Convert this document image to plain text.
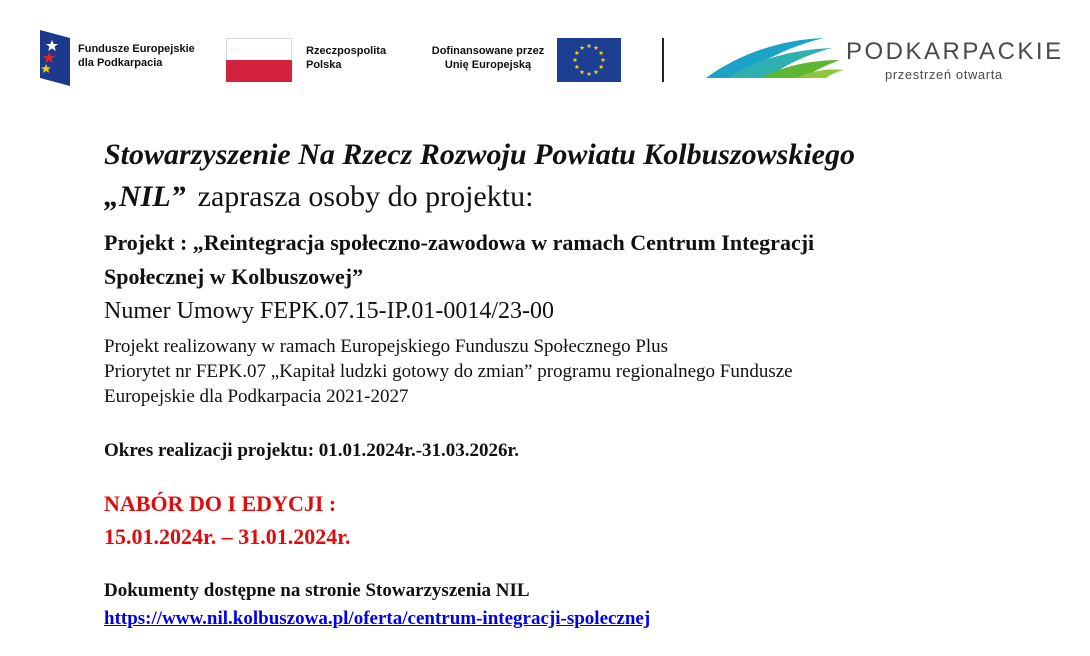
Fundusze Europejskie
dla Podkarpacia
Rzeczpospolita
Polska
Dofinansowane przez
Unię Europejską	PODKARPACKIE
przestrzeń otwarta
Stowarzyszenie Na Rzecz Rozwoju Powiatu Kolbuszowskiego
„NIL” zaprasza osoby do projektu:
Projekt : „Reintegracja społeczno-zawodowa w ramach Centrum Integracji
Społecznej w Kolbuszowej”
Numer Umowy FEPK.07.15-IP.01-0014/23-00
Projekt realizowany w ramach Europejskiego Funduszu Społecznego Plus
Priorytet nr FEPK.07 „Kapitał ludzki gotowy do zmian” programu regionalnego Fundusze
Europejskie dla Podkarpacia 2021-2027
Okres realizacji projektu: 01.01.2024r.-31.03.2026r.
NABÓR DO I EDYCJI :
15.01.2024r. – 31.01.2024r.
Dokumenty dostępne na stronie Stowarzyszenia NIL
https://www.nil.kolbuszowa.pl/oferta/centrum-integracji-spolecznej
